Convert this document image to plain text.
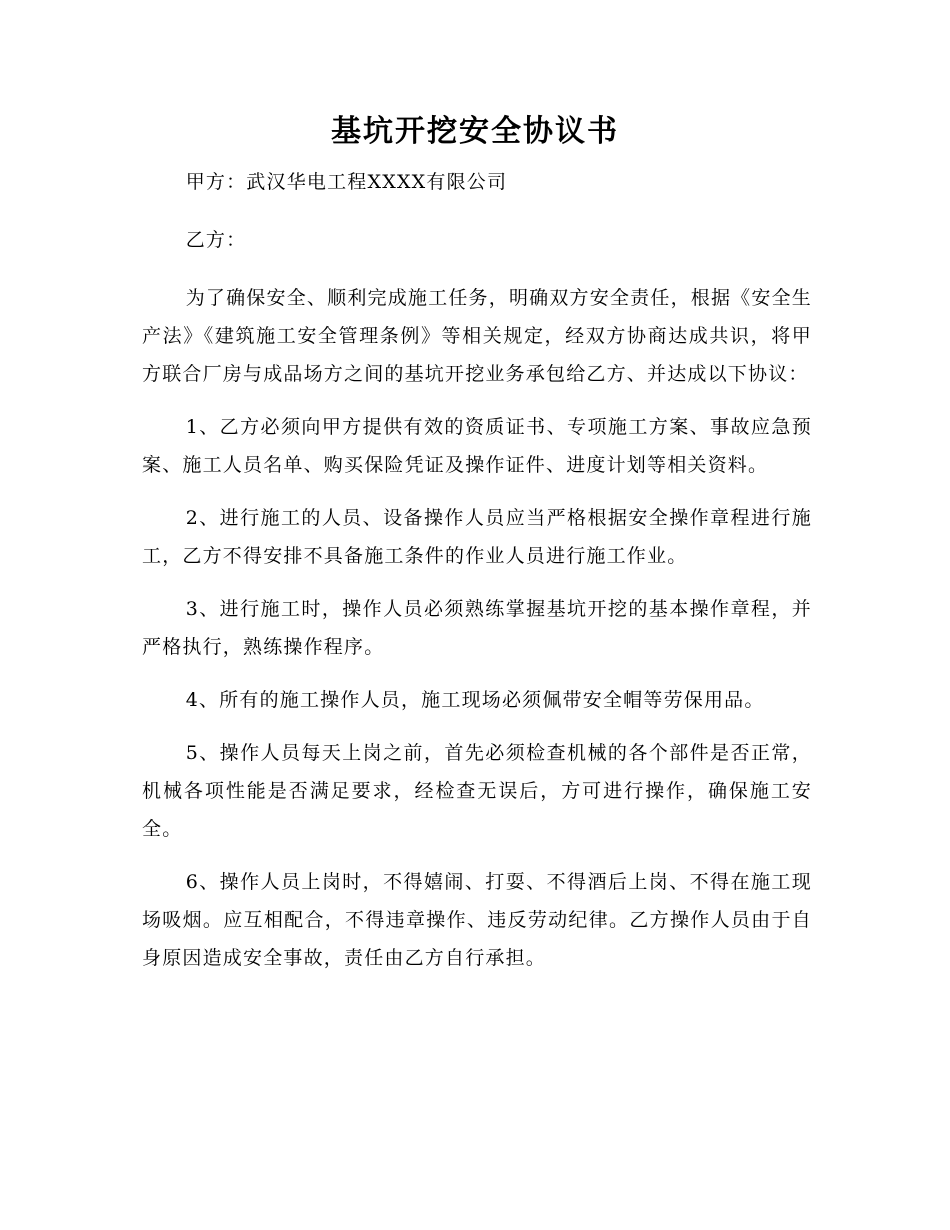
基坑开挖安全协议书

甲方：武汉华电工程XXXX有限公司

乙方：

为了确保安全、顺利完成施工任务，明确双方安全责任，根据《安全生产法》《建筑施工安全管理条例》等相关规定，经双方协商达成共识，将甲方联合厂房与成品场方之间的基坑开挖业务承包给乙方、并达成以下协议：

1、乙方必须向甲方提供有效的资质证书、专项施工方案、事故应急预案、施工人员名单、购买保险凭证及操作证件、进度计划等相关资料。

2、进行施工的人员、设备操作人员应当严格根据安全操作章程进行施工，乙方不得安排不具备施工条件的作业人员进行施工作业。

3、进行施工时，操作人员必须熟练掌握基坑开挖的基本操作章程，并严格执行，熟练操作程序。

4、所有的施工操作人员，施工现场必须佩带安全帽等劳保用品。

5、操作人员每天上岗之前，首先必须检查机械的各个部件是否正常，机械各项性能是否满足要求，经检查无误后，方可进行操作，确保施工安全。

6、操作人员上岗时，不得嬉闹、打耍、不得酒后上岗、不得在施工现场吸烟。应互相配合，不得违章操作、违反劳动纪律。乙方操作人员由于自身原因造成安全事故，责任由乙方自行承担。
